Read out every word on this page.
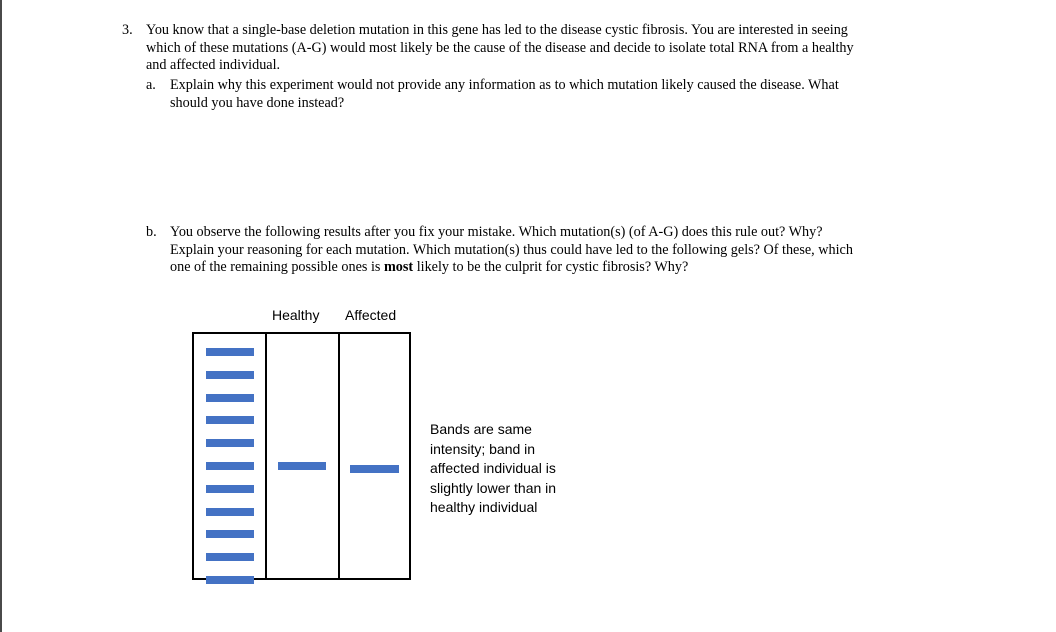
3. You know that a single-base deletion mutation in this gene has led to the disease cystic fibrosis. You are interested in seeing
which of these mutations (A-G) would most likely be the cause of the disease and decide to isolate total RNA from a healthy
and affected individual.
a. Explain why this experiment would not provide any information as to which mutation likely caused the disease. What
should you have done instead?
b. You observe the following results after you fix your mistake. Which mutation(s) (of A-G) does this rule out? Why?
Explain your reasoning for each mutation. Which mutation(s) thus could have led to the following gels? Of these, which
one of the remaining possible ones is most likely to be the culprit for cystic fibrosis? Why?
Healthy Affected
Bands are same
intensity; band in
affected individual is
slightly lower than in
healthy individual
